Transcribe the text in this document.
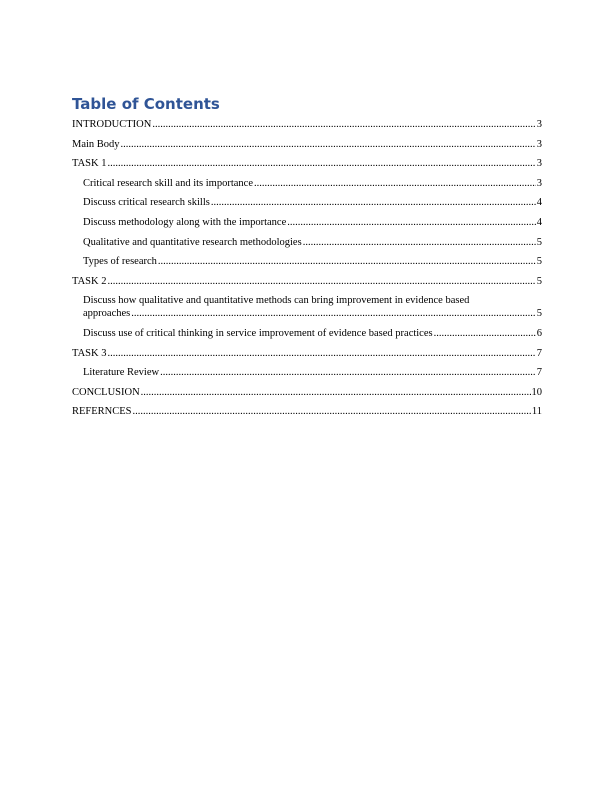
Table of Contents
INTRODUCTION .....	3
Main Body .....	3
TASK 1 .....	3
Critical research skill and its importance .....	3
Discuss critical research skills .....	4
Discuss methodology along with the importance .....	4
Qualitative and quantitative research methodologies .....	5
Types of research .....	5
TASK 2 .....	5
Discuss how qualitative and quantitative methods can bring improvement in evidence based
approaches .....	5
Discuss use of critical thinking in service improvement of evidence based practices .....	6
TASK 3 .....	7
Literature Review .....	7
CONCLUSION .....	10
REFERNCES .....	11
